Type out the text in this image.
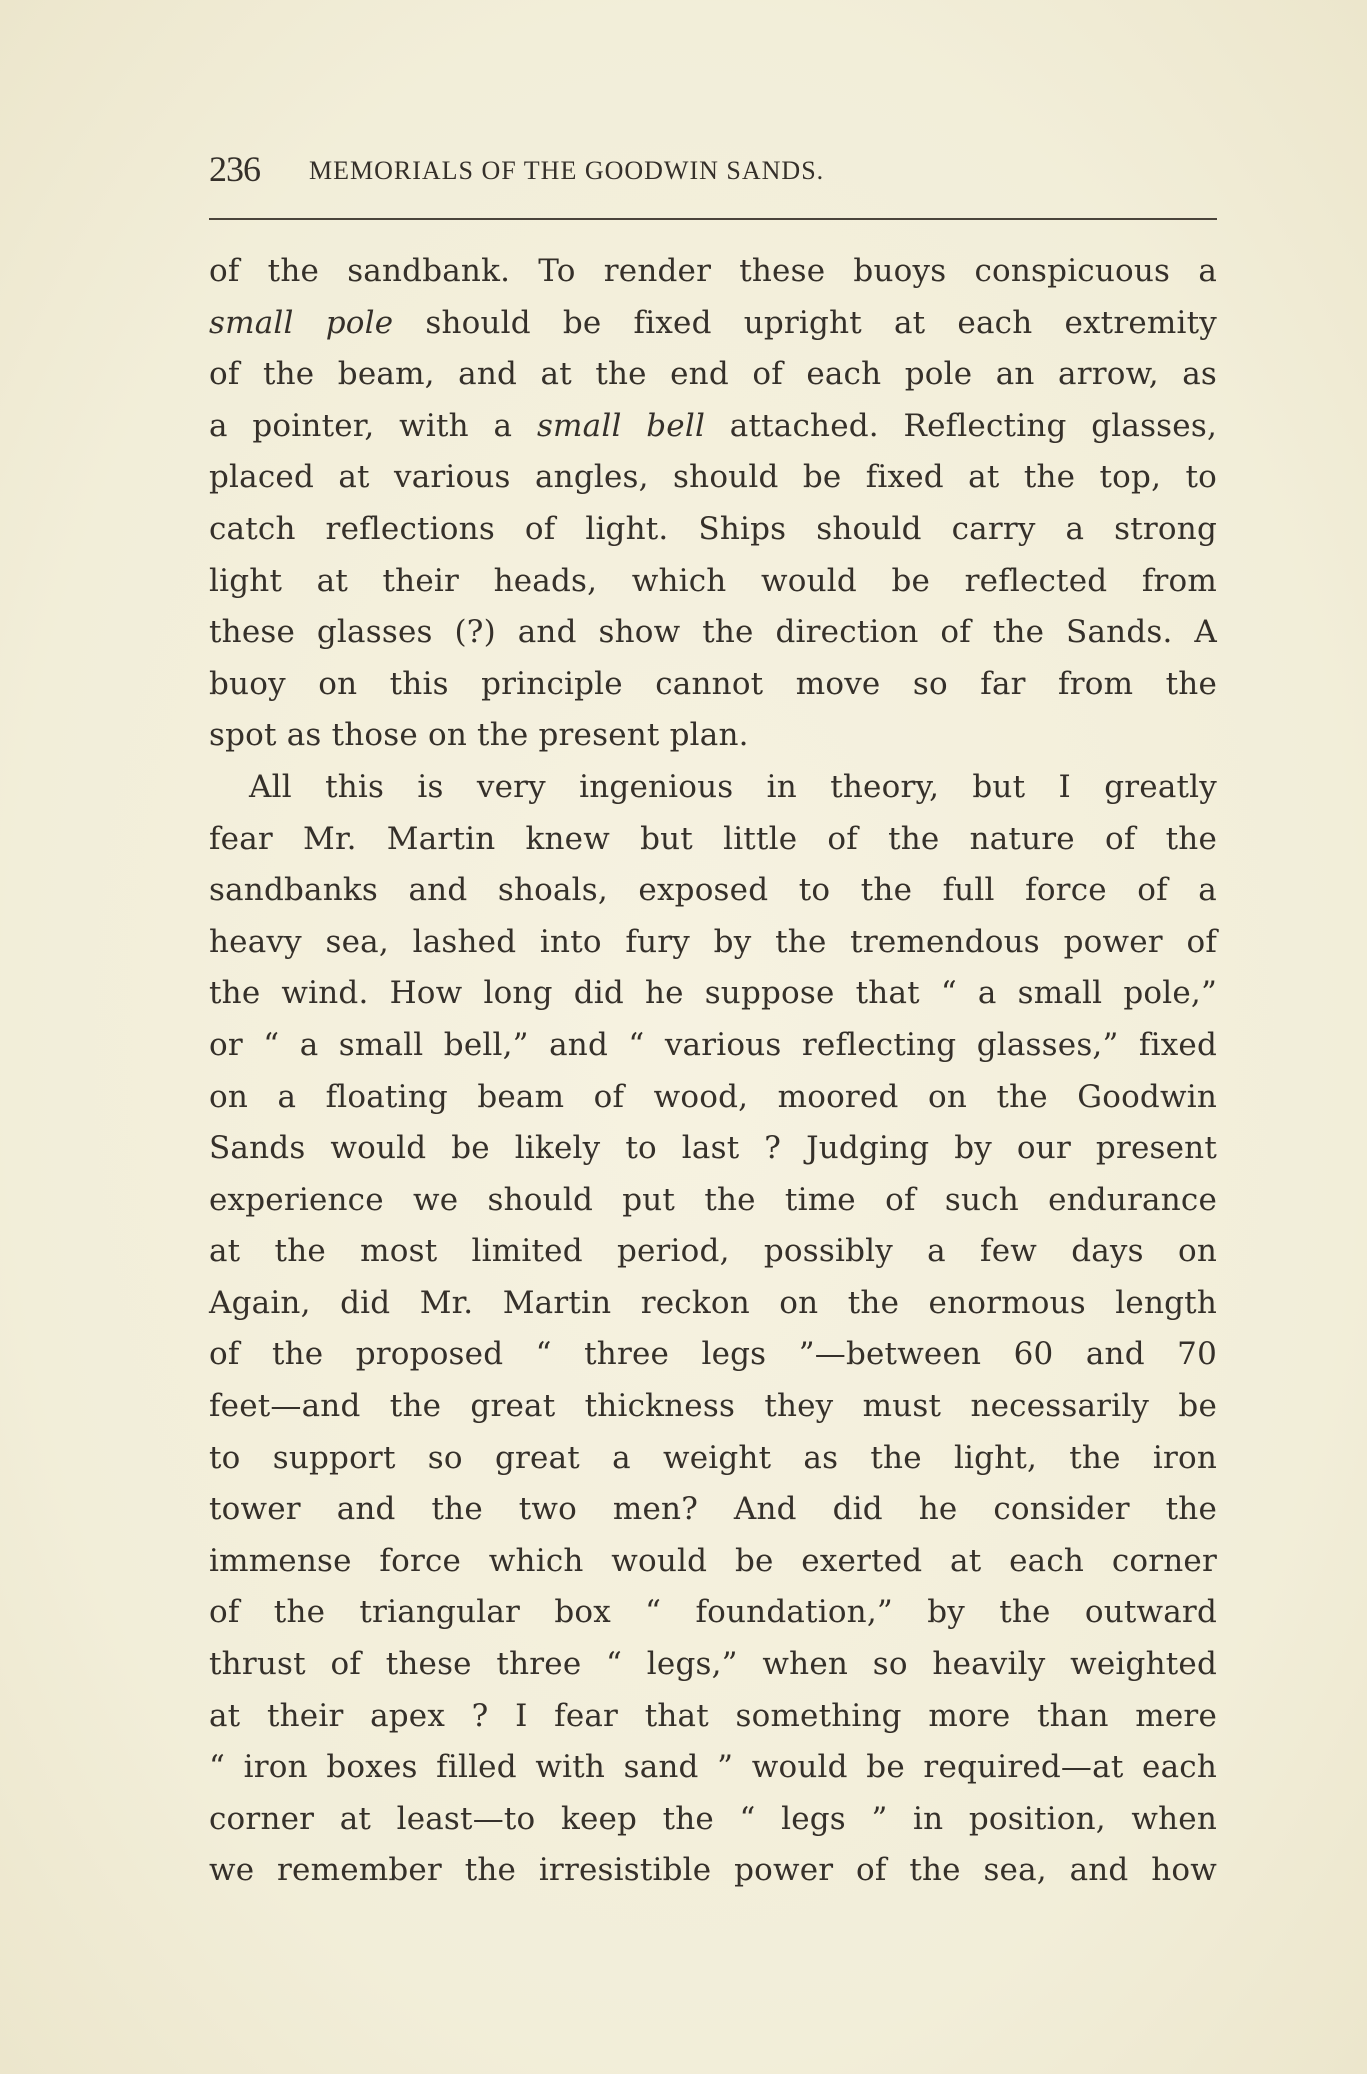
236 MEMORIALS OF THE GOODWIN SANDS.
of the sandbank. To render these buoys conspicuous a
small pole should be fixed upright at each extremity
of the beam, and at the end of each pole an arrow, as
a pointer, with a small bell attached. Reflecting glasses,
placed at various angles, should be fixed at the top, to
catch reflections of light. Ships should carry a strong
light at their heads, which would be reflected from
these glasses (?) and show the direction of the Sands. A
buoy on this principle cannot move so far from the
spot as those on the present plan.
All this is very ingenious in theory, but I greatly
fear Mr. Martin knew but little of the nature of the
sandbanks and shoals, exposed to the full force of a
heavy sea, lashed into fury by the tremendous power of
the wind. How long did he suppose that “ a small pole,”
or “ a small bell,” and “ various reflecting glasses,” fixed
on a floating beam of wood, moored on the Goodwin
Sands would be likely to last ? Judging by our present
experience we should put the time of such endurance
at the most limited period, possibly a few days on
Again, did Mr. Martin reckon on the enormous length
of the proposed “ three legs ”—between 60 and 70
feet—and the great thickness they must necessarily be
to support so great a weight as the light, the iron
tower and the two men? And did he consider the
immense force which would be exerted at each corner
of the triangular box “ foundation,” by the outward
thrust of these three “ legs,” when so heavily weighted
at their apex ? I fear that something more than mere
“ iron boxes filled with sand ” would be required—at each
corner at least—to keep the “ legs ” in position, when
we remember the irresistible power of the sea, and how
